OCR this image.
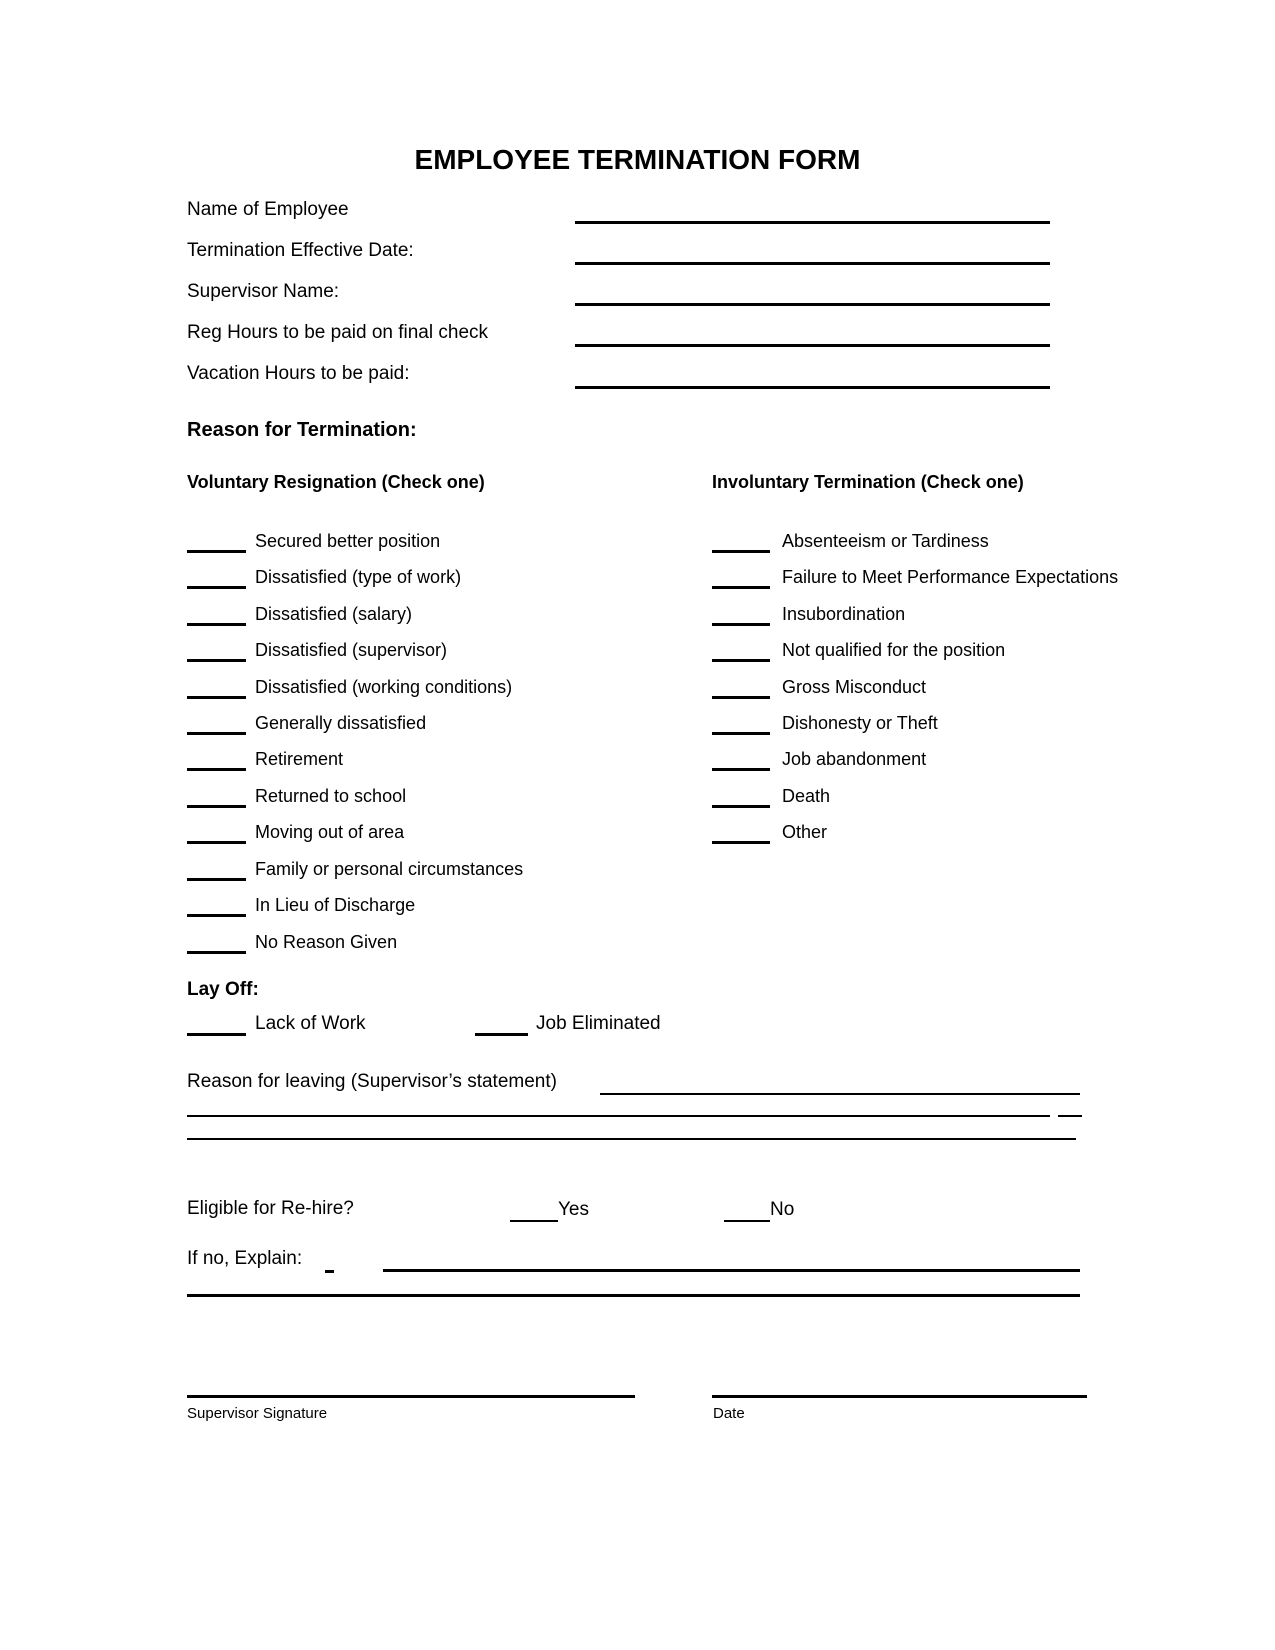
EMPLOYEE TERMINATION FORM
Name of Employee
Termination Effective Date:
Supervisor Name:
Reg Hours to be paid on final check
Vacation Hours to be paid:
Reason for Termination:
Voluntary Resignation (Check one)	Involuntary Termination (Check one)
Secured better position
Dissatisfied (type of work)
Dissatisfied (salary)
Dissatisfied (supervisor)
Dissatisfied (working conditions)
Generally dissatisfied
Retirement
Returned to school
Moving out of area
Family or personal circumstances
In Lieu of Discharge
No Reason Given
Absenteeism or Tardiness
Failure to Meet Performance Expectations
Insubordination
Not qualified for the position
Gross Misconduct
Dishonesty or Theft
Job abandonment
Death
Other
Lay Off:
Lack of Work	Job Eliminated
Reason for leaving (Supervisor’s statement)
Eligible for Re-hire?	Yes	No
If no, Explain:
Supervisor Signature	Date
